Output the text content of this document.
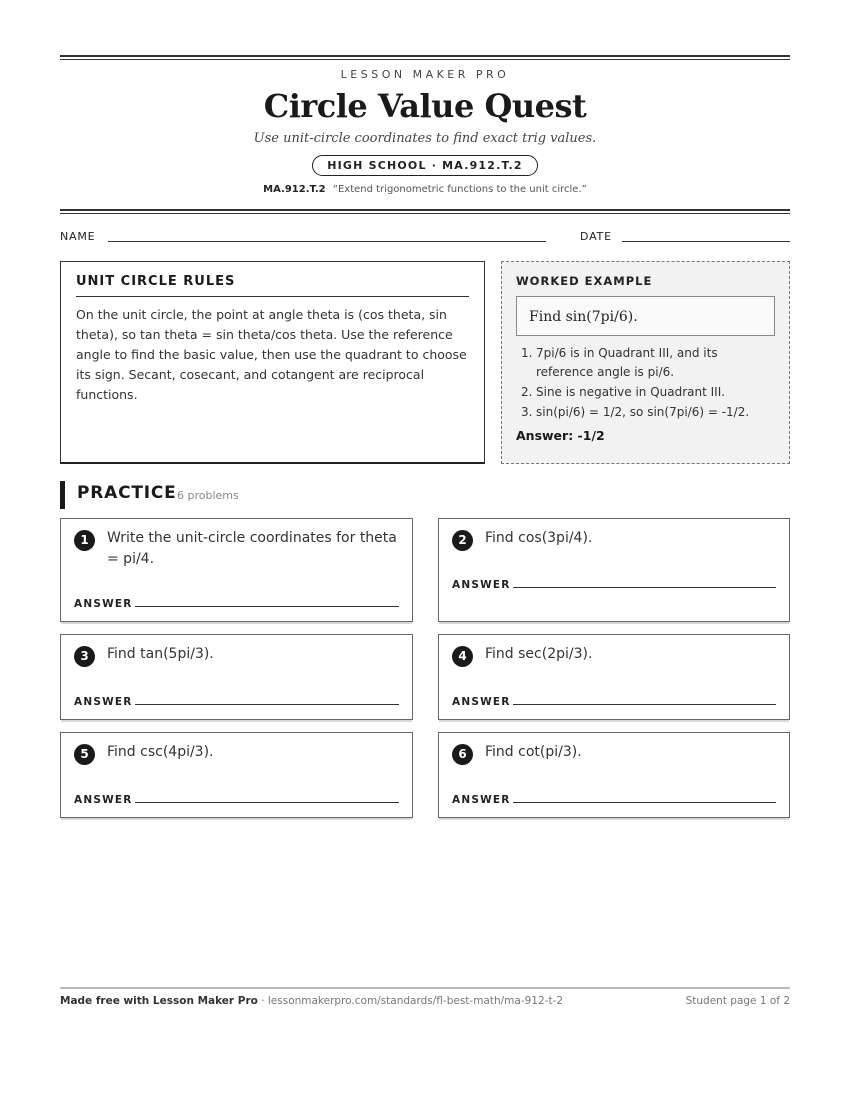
LESSON MAKER PRO
Circle Value Quest
Use unit-circle coordinates to find exact trig values.
HIGH SCHOOL · MA.912.T.2
MA.912.T.2 “Extend trigonometric functions to the unit circle.”
NAME	DATE
UNIT CIRCLE RULES
On the unit circle, the point at angle theta is (cos theta, sin theta), so tan theta = sin theta/cos theta. Use the reference angle to find the basic value, then use the quadrant to choose its sign. Secant, cosecant, and cotangent are reciprocal functions.
WORKED EXAMPLE
Find sin(7pi/6).
1. 7pi/6 is in Quadrant III, and its reference angle is pi/6.
2. Sine is negative in Quadrant III.
3. sin(pi/6) = 1/2, so sin(7pi/6) = -1/2.
Answer: -1/2
PRACTICE 6 problems
1	Write the unit-circle coordinates for theta = pi/4.
ANSWER
2	Find cos(3pi/4).
ANSWER
3	Find tan(5pi/3).
ANSWER
4	Find sec(2pi/3).
ANSWER
5	Find csc(4pi/3).
ANSWER
6	Find cot(pi/3).
ANSWER
Made free with Lesson Maker Pro · lessonmakerpro.com/standards/fl-best-math/ma-912-t-2	Student page 1 of 2
